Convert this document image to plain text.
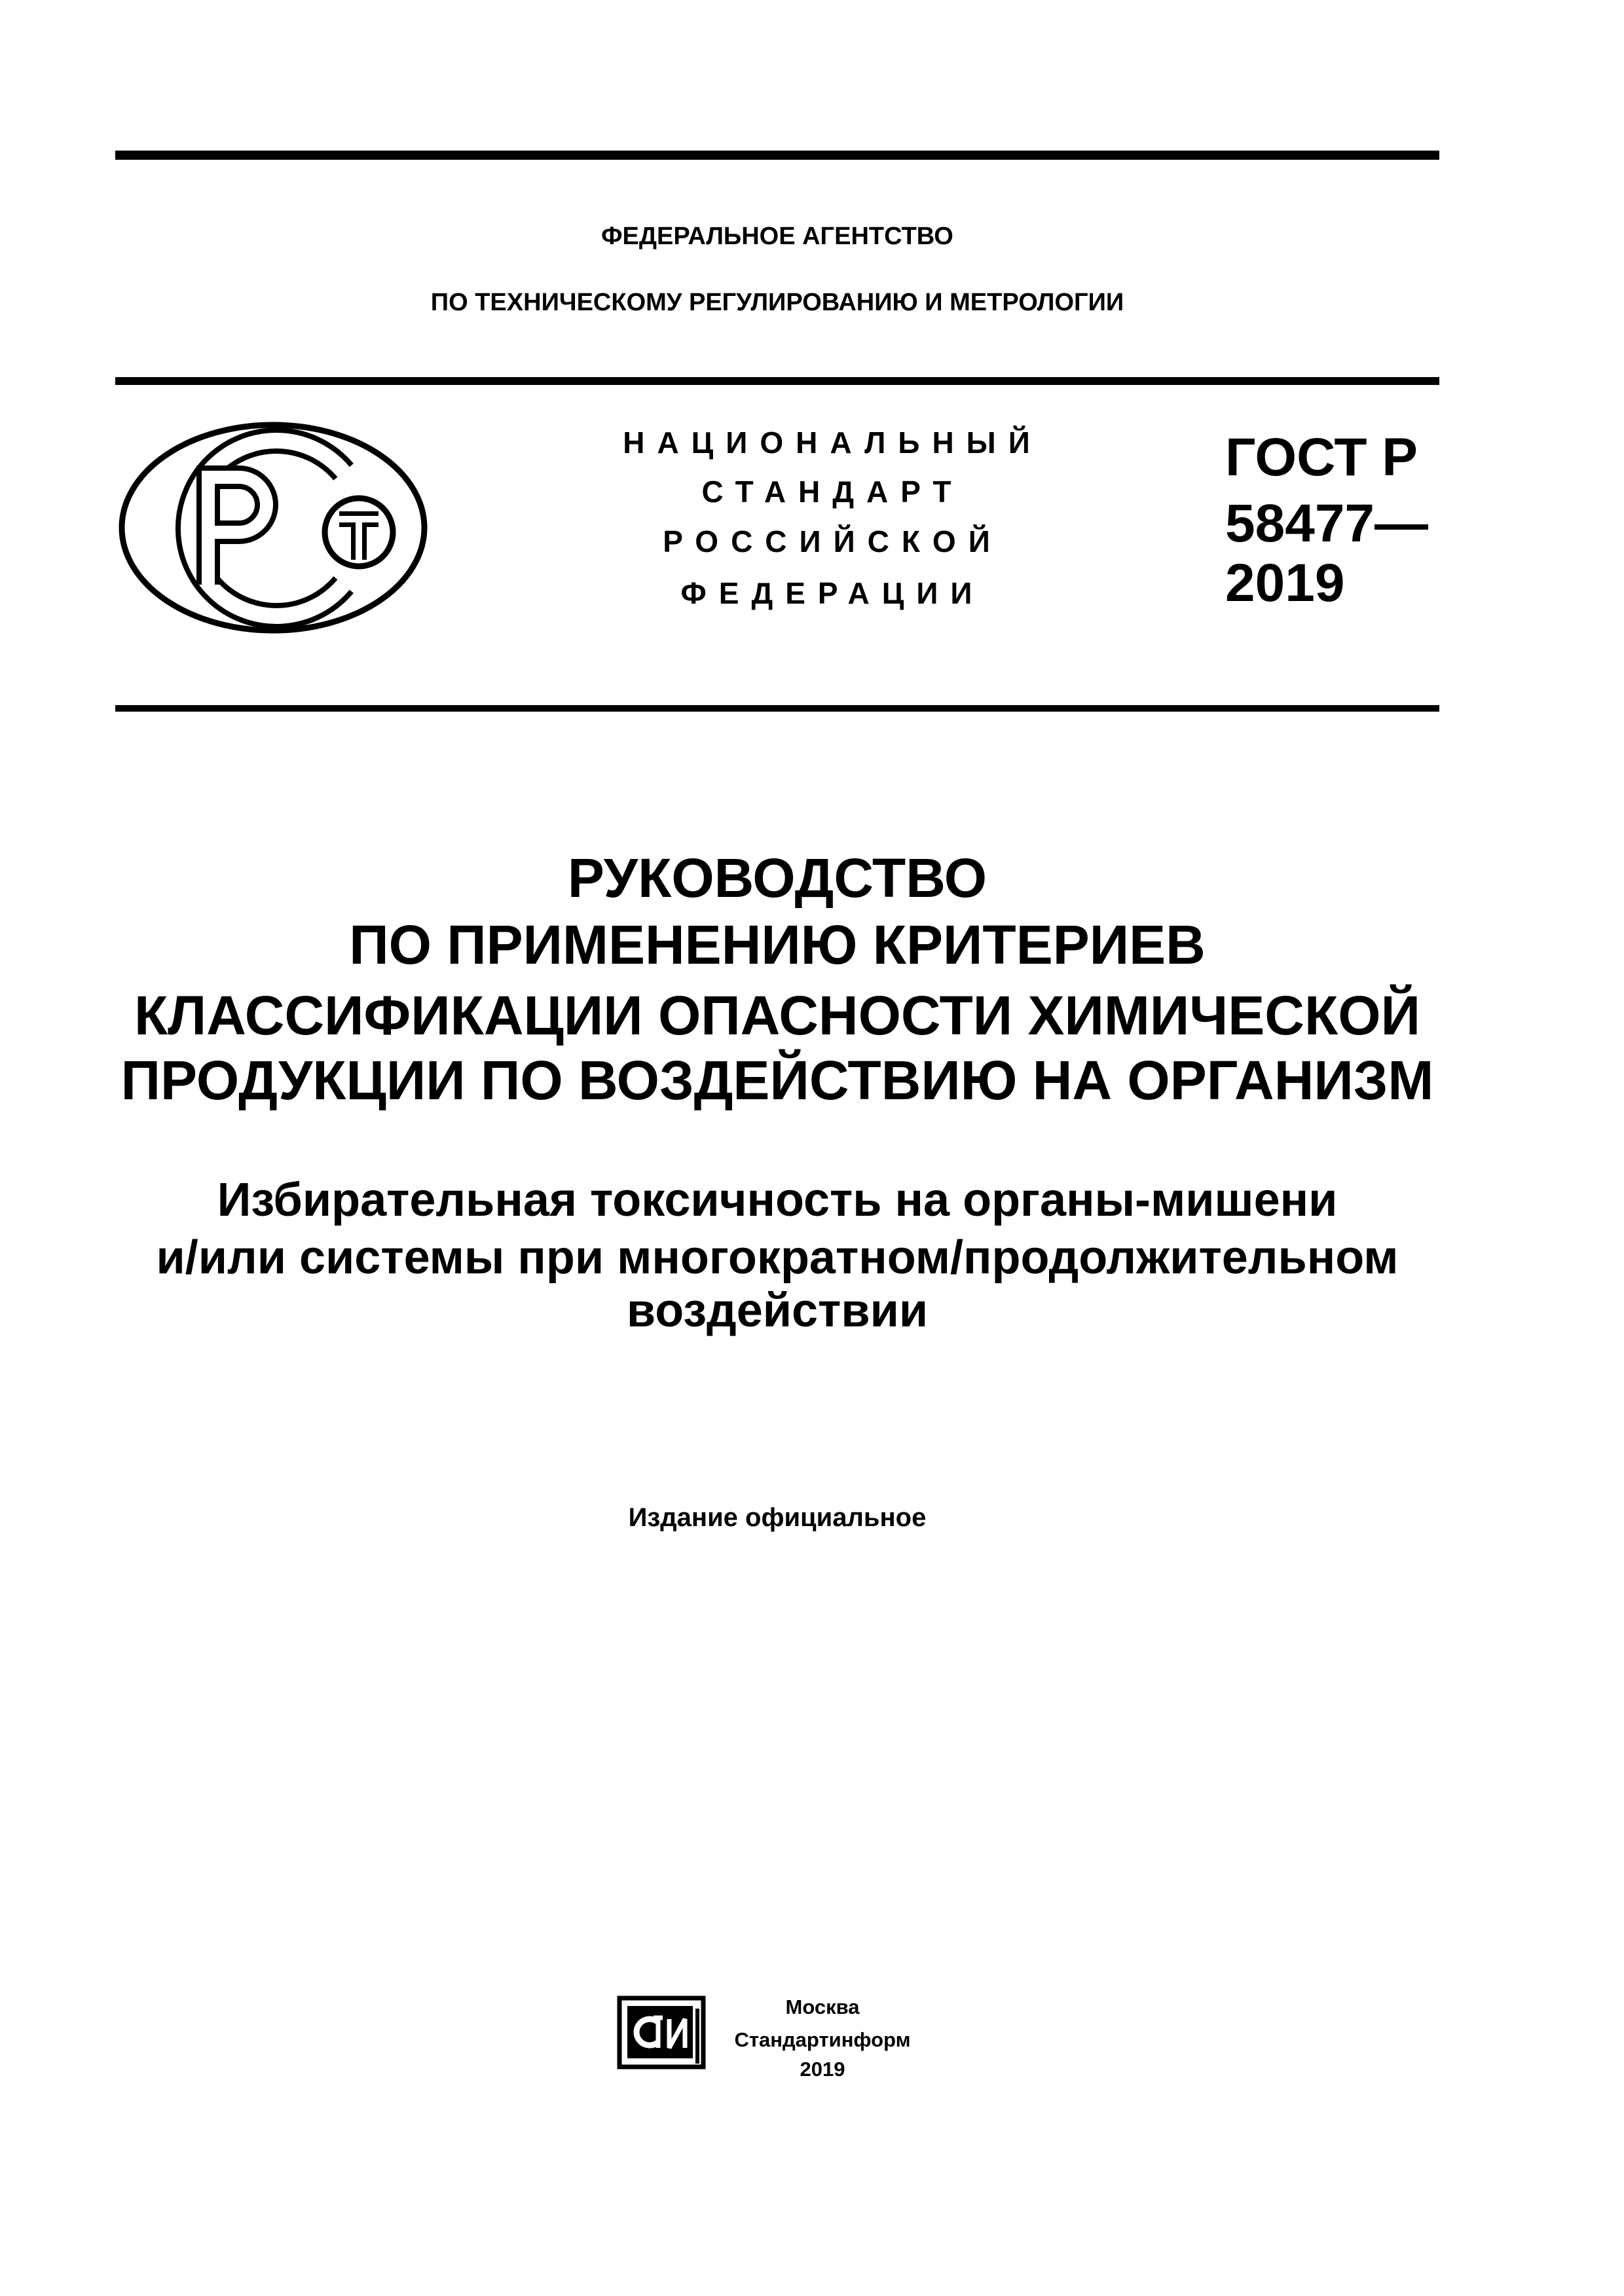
ФЕДЕРАЛЬНОЕ АГЕНТСТВО
ПО ТЕХНИЧЕСКОМУ РЕГУЛИРОВАНИЮ И МЕТРОЛОГИИ
НАЦИОНАЛЬНЫЙ
СТАНДАРТ
РОССИЙСКОЙ
ФЕДЕРАЦИИ
ГОСТ Р
58477—
2019
РУКОВОДСТВО
ПО ПРИМЕНЕНИЮ КРИТЕРИЕВ
КЛАССИФИКАЦИИ ОПАСНОСТИ ХИМИЧЕСКОЙ
ПРОДУКЦИИ ПО ВОЗДЕЙСТВИЮ НА ОРГАНИЗМ
Избирательная токсичность на органы-мишени
и/или системы при многократном/продолжительном
воздействии
Издание официальное
Москва
Стандартинформ
2019
